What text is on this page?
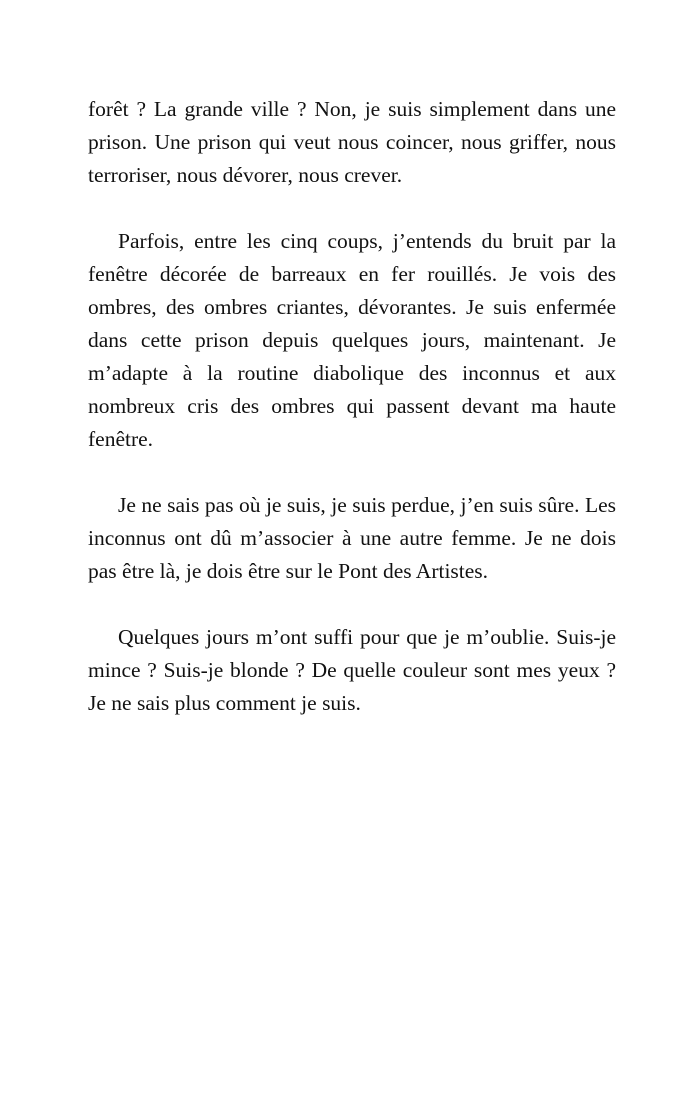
forêt ? La grande ville ? Non, je suis simplement dans une prison. Une prison qui veut nous coincer, nous griffer, nous terroriser, nous dévorer, nous crever.

Parfois, entre les cinq coups, j’entends du bruit par la fenêtre décorée de barreaux en fer rouillés. Je vois des ombres, des ombres criantes, dévorantes. Je suis enfermée dans cette prison depuis quelques jours, maintenant. Je m’adapte à la routine diabolique des inconnus et aux nombreux cris des ombres qui passent devant ma haute fenêtre.

Je ne sais pas où je suis, je suis perdue, j’en suis sûre. Les inconnus ont dû m’associer à une autre femme. Je ne dois pas être là, je dois être sur le Pont des Artistes.

Quelques jours m’ont suffi pour que je m’oublie. Suis-je mince ? Suis-je blonde ? De quelle couleur sont mes yeux ? Je ne sais plus comment je suis.
